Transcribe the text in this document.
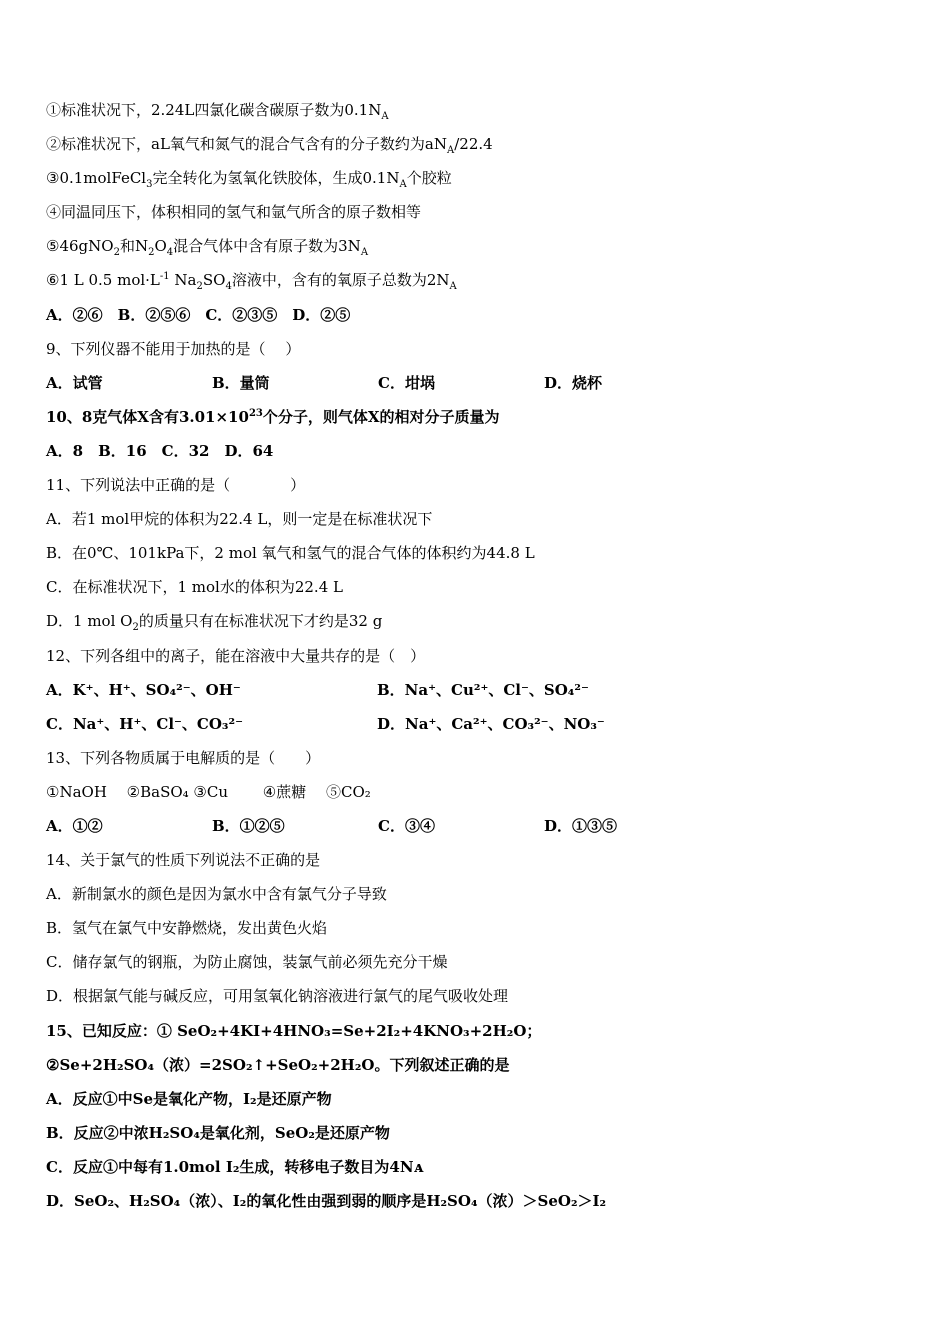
①标准状况下，2.24L四氯化碳含碳原子数为$0.1N_A$
②标准状况下，aL氧气和氮气的混合气含有的分子数约为$aN_A/22.4$
③0.1molFeCl$_3$完全转化为氢氧化铁胶体，生成$0.1N_A$个胶粒
④同温同压下，体积相同的氢气和氩气所含的原子数相等
⑤46gNO$_2$和$N_2O_4$混合气体中含有原子数为$3N_A$
⑥1 L 0.5 $mol\cdot L^{-1}$ $Na_2SO_4$溶液中，含有的氧原子总数为$2N_A$
A．②⑥　B．②⑤⑥　C．②③⑤　D．②⑤
9、下列仪器不能用于加热的是（　 ）
A．试管	B．量筒	C．坩埚	D．烧杯
10、8克气体X含有$3.01\times 10^{23}$个分子，则气体X的相对分子质量为
A．8　B．16　C．32　D．64
11、下列说法中正确的是（　　　　）
A．若1 mol甲烷的体积为22.4 L，则一定是在标准状况下
B．在0℃、101kPa下，2 mol 氧气和氢气的混合气体的体积约为44.8 L
C．在标准状况下，1 mol水的体积为22.4 L
D．1 mol $O_2$的质量只有在标准状况下才约是32 g
12、下列各组中的离子，能在溶液中大量共存的是（　）
A．K⁺、H⁺、SO₄²⁻、OH⁻	B．Na⁺、Cu²⁺、Cl⁻、SO₄²⁻
C．Na⁺、H⁺、Cl⁻、CO₃²⁻	D．Na⁺、Ca²⁺、CO₃²⁻、NO₃⁻
13、下列各物质属于电解质的是（　　）
①NaOH　 ②BaSO₄ ③Cu　　 ④蔗糖　 ⑤CO₂
A．①②	B．①②⑤	C．③④	D．①③⑤
14、关于氯气的性质下列说法不正确的是
A．新制氯水的颜色是因为氯水中含有氯气分子导致
B．氢气在氯气中安静燃烧，发出黄色火焰
C．储存氯气的钢瓶，为防止腐蚀，装氯气前必须先充分干燥
D．根据氯气能与碱反应，可用氢氧化钠溶液进行氯气的尾气吸收处理
15、已知反应：① SeO₂+4KI+4HNO₃=Se+2I₂+4KNO₃+2H₂O；
②Se+2H₂SO₄（浓）=2SO₂↑+SeO₂+2H₂O。下列叙述正确的是
A．反应①中Se是氧化产物，I₂是还原产物
B．反应②中浓H₂SO₄是氧化剂，SeO₂是还原产物
C．反应①中每有1.0mol I₂生成，转移电子数目为4Nᴀ
D．SeO₂、H₂SO₄（浓）、I₂的氧化性由强到弱的顺序是H₂SO₄（浓）＞SeO₂＞I₂
